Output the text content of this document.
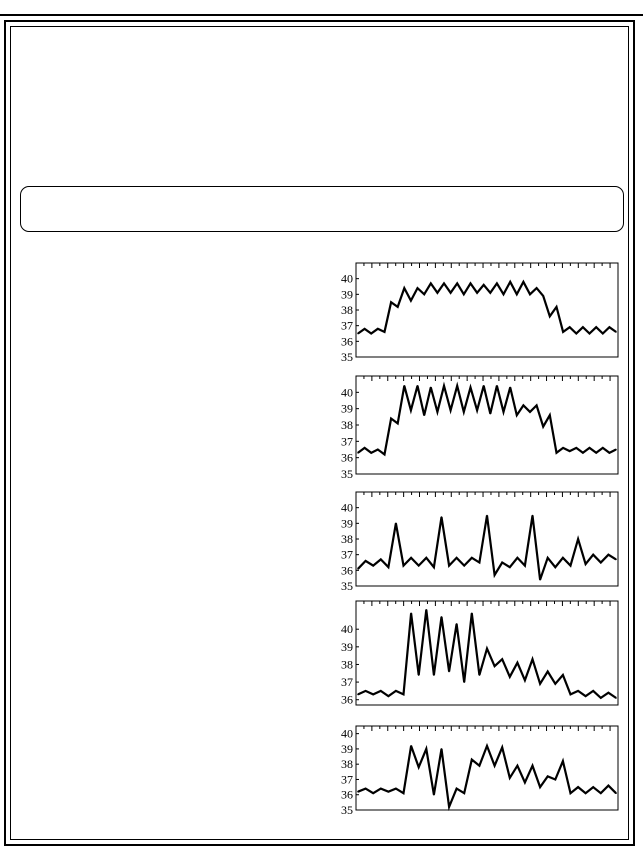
35
36
37
38
39
40
35
36
37
38
39
40
35
36
37
38
39
40
36
37
38
39
40
35
36
37
38
39
40
